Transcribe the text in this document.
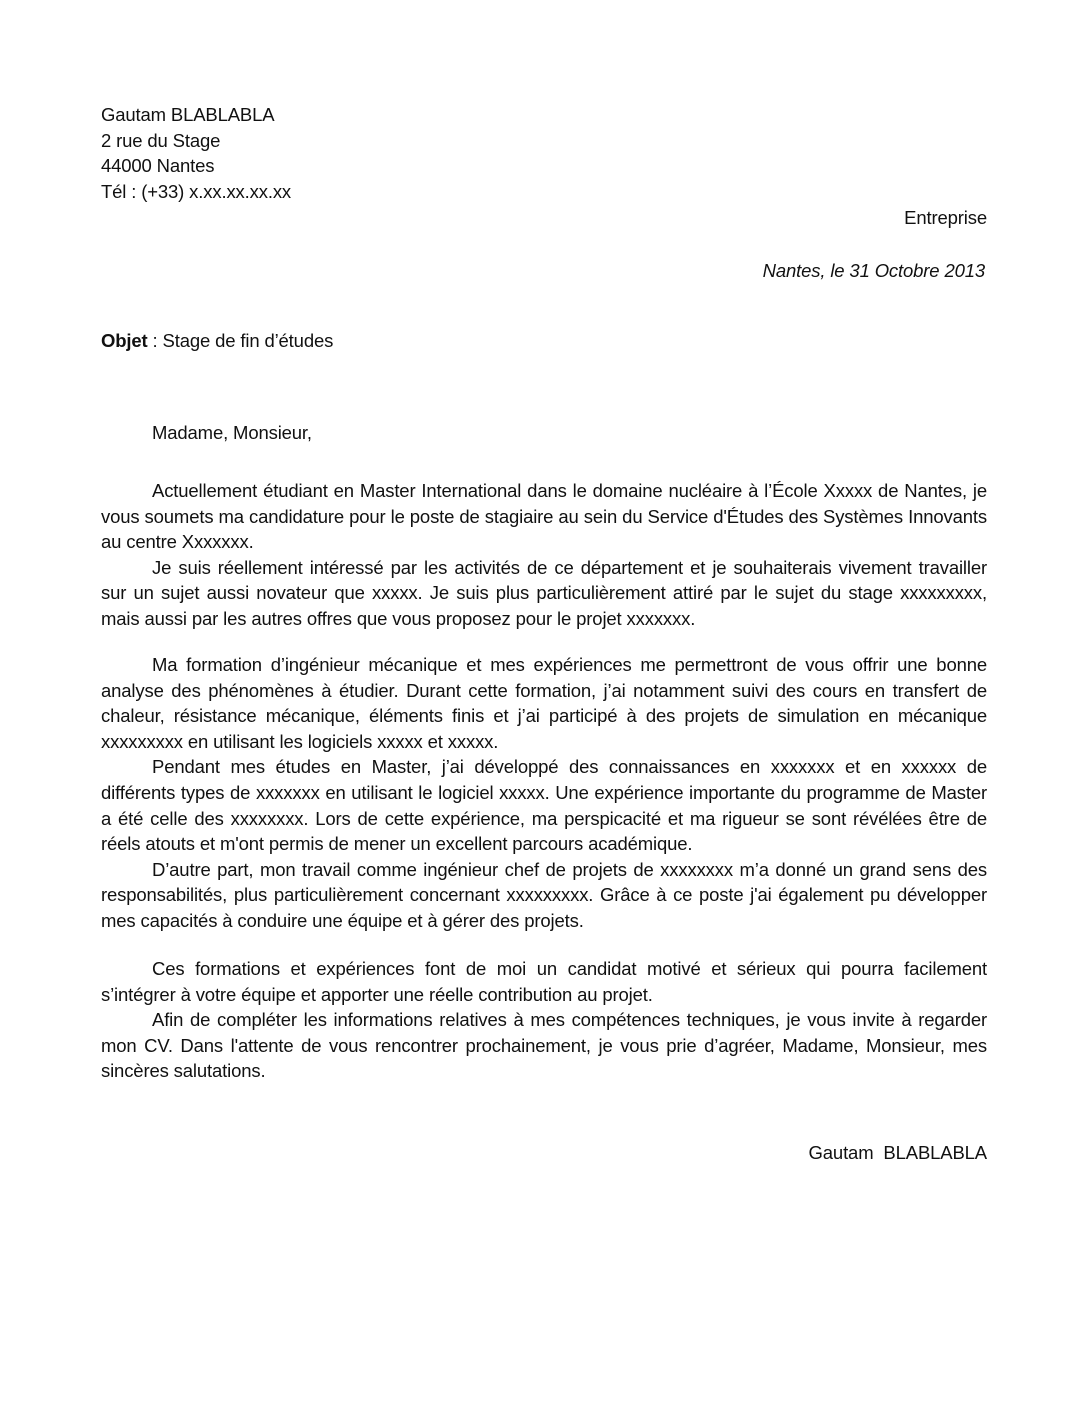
Gautam BLABLABLA
2 rue du Stage
44000 Nantes
Tél : (+33) x.xx.xx.xx.xx
Entreprise
Nantes, le 31 Octobre 2013
Objet : Stage de fin d’études
Madame, Monsieur,

Actuellement étudiant en Master International dans le domaine nucléaire à l’École Xxxxx de Nantes, je vous soumets ma candidature pour le poste de stagiaire au sein du Service d'Études des Systèmes Innovants au centre Xxxxxxx.

Je suis réellement intéressé par les activités de ce département et je souhaiterais vivement travailler sur un sujet aussi novateur que xxxxx. Je suis plus particulièrement attiré par le sujet du stage xxxxxxxxx, mais aussi par les autres offres que vous proposez pour le projet xxxxxxx.

Ma formation d’ingénieur mécanique et mes expériences me permettront de vous offrir une bonne analyse des phénomènes à étudier. Durant cette formation, j’ai notamment suivi des cours en transfert de chaleur, résistance mécanique, éléments finis et j’ai participé à des projets de simulation en mécanique xxxxxxxxx en utilisant les logiciels xxxxx et xxxxx.

Pendant mes études en Master, j’ai développé des connaissances en xxxxxxx et en xxxxxx de différents types de xxxxxxx en utilisant le logiciel xxxxx. Une expérience importante du programme de Master a été celle des xxxxxxxx. Lors de cette expérience, ma perspicacité et ma rigueur se sont révélées être de réels atouts et m'ont permis de mener un excellent parcours académique.

D’autre part, mon travail comme ingénieur chef de projets de xxxxxxxx m’a donné un grand sens des responsabilités, plus particulièrement concernant xxxxxxxxx. Grâce à ce poste j'ai également pu développer mes capacités à conduire une équipe et à gérer des projets.

Ces formations et expériences font de moi un candidat motivé et sérieux qui pourra facilement s’intégrer à votre équipe et apporter une réelle contribution au projet.

Afin de compléter les informations relatives à mes compétences techniques, je vous invite à regarder mon CV. Dans l'attente de vous rencontrer prochainement, je vous prie d’agréer, Madame, Monsieur, mes sincères salutations.

Gautam  BLABLABLA
